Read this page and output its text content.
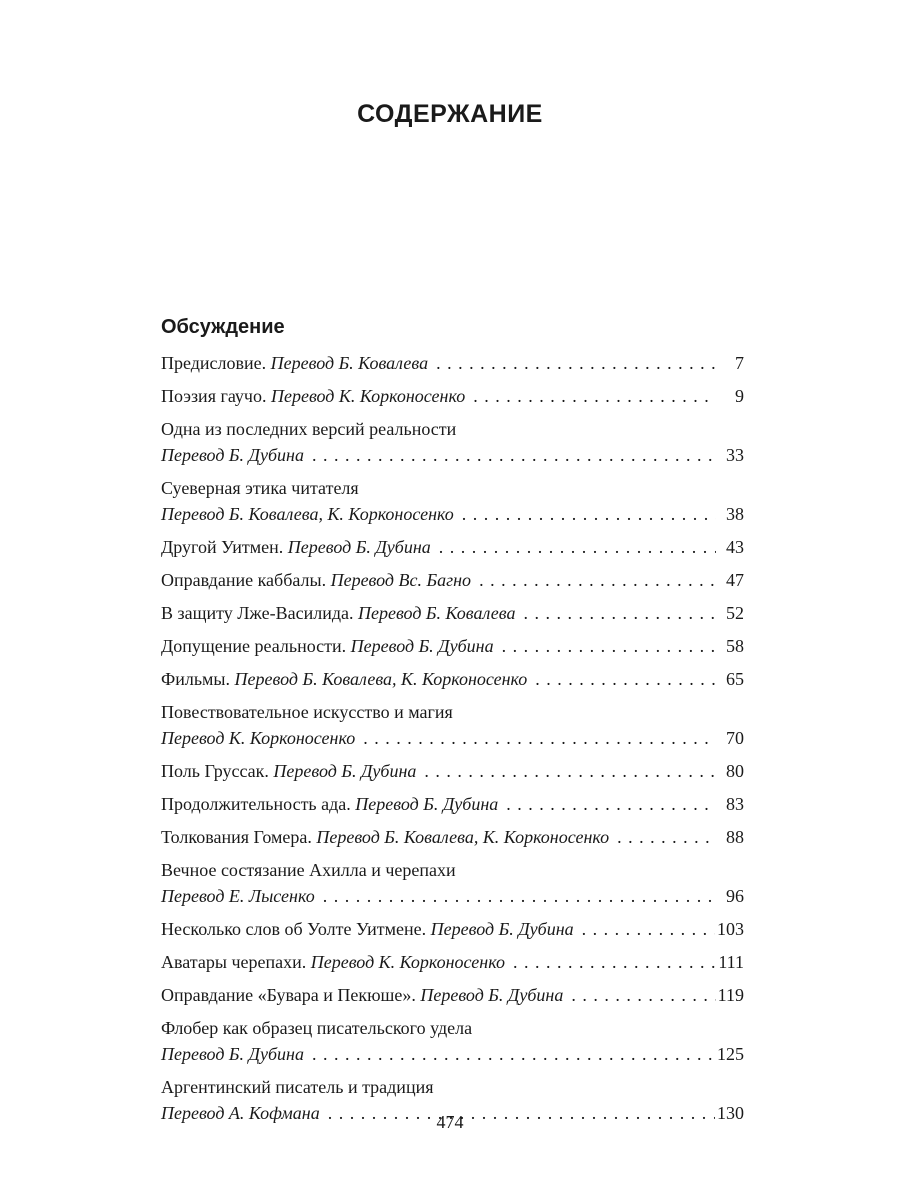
СОДЕРЖАНИЕ
Обсуждение
Предисловие. Перевод Б. Ковалева . . .	7
Поэзия гаучо. Перевод К. Корконосенко . . .	9
Одна из последних версий реальности
Перевод Б. Дубина . . .	33
Суеверная этика читателя
Перевод Б. Ковалева, К. Корконосенко . . .	38
Другой Уитмен. Перевод Б. Дубина . . .	43
Оправдание каббалы. Перевод Вс. Багно . . .	47
В защиту Лже-Василида. Перевод Б. Ковалева . . .	52
Допущение реальности. Перевод Б. Дубина . . .	58
Фильмы. Перевод Б. Ковалева, К. Корконосенко . . .	65
Повествовательное искусство и магия
Перевод К. Корконосенко . . .	70
Поль Груссак. Перевод Б. Дубина . . .	80
Продолжительность ада. Перевод Б. Дубина . . .	83
Толкования Гомера. Перевод Б. Ковалева, К. Корконосенко . . .	88
Вечное состязание Ахилла и черепахи
Перевод Е. Лысенко . . .	96
Несколько слов об Уолте Уитмене. Перевод Б. Дубина . . .	103
Аватары черепахи. Перевод К. Корконосенко . . .	111
Оправдание «Бувара и Пекюше». Перевод Б. Дубина . . .	119
Флобер как образец писательского удела
Перевод Б. Дубина . . .	125
Аргентинский писатель и традиция
Перевод А. Кофмана . . .	130
474
